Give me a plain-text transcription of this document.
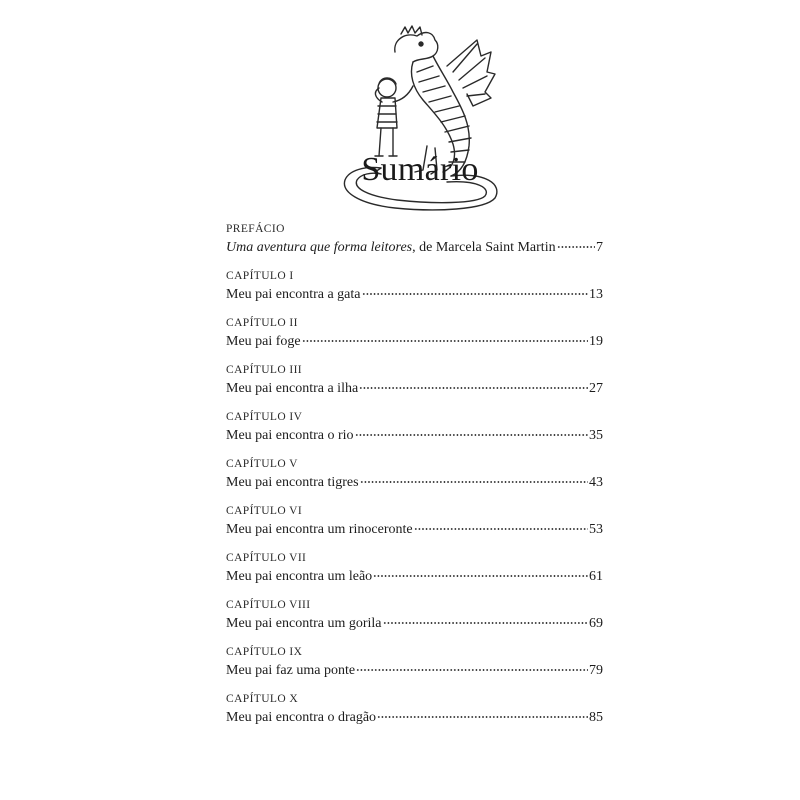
Sumário
PREFÁCIO
Uma aventura que forma leitores, de Marcela Saint Martin	7
CAPÍTULO I
Meu pai encontra a gata	13
CAPÍTULO II
Meu pai foge	19
CAPÍTULO III
Meu pai encontra a ilha	27
CAPÍTULO IV
Meu pai encontra o rio	35
CAPÍTULO V
Meu pai encontra tigres	43
CAPÍTULO VI
Meu pai encontra um rinoceronte	53
CAPÍTULO VII
Meu pai encontra um leão	61
CAPÍTULO VIII
Meu pai encontra um gorila	69
CAPÍTULO IX
Meu pai faz uma ponte	79
CAPÍTULO X
Meu pai encontra o dragão	85
